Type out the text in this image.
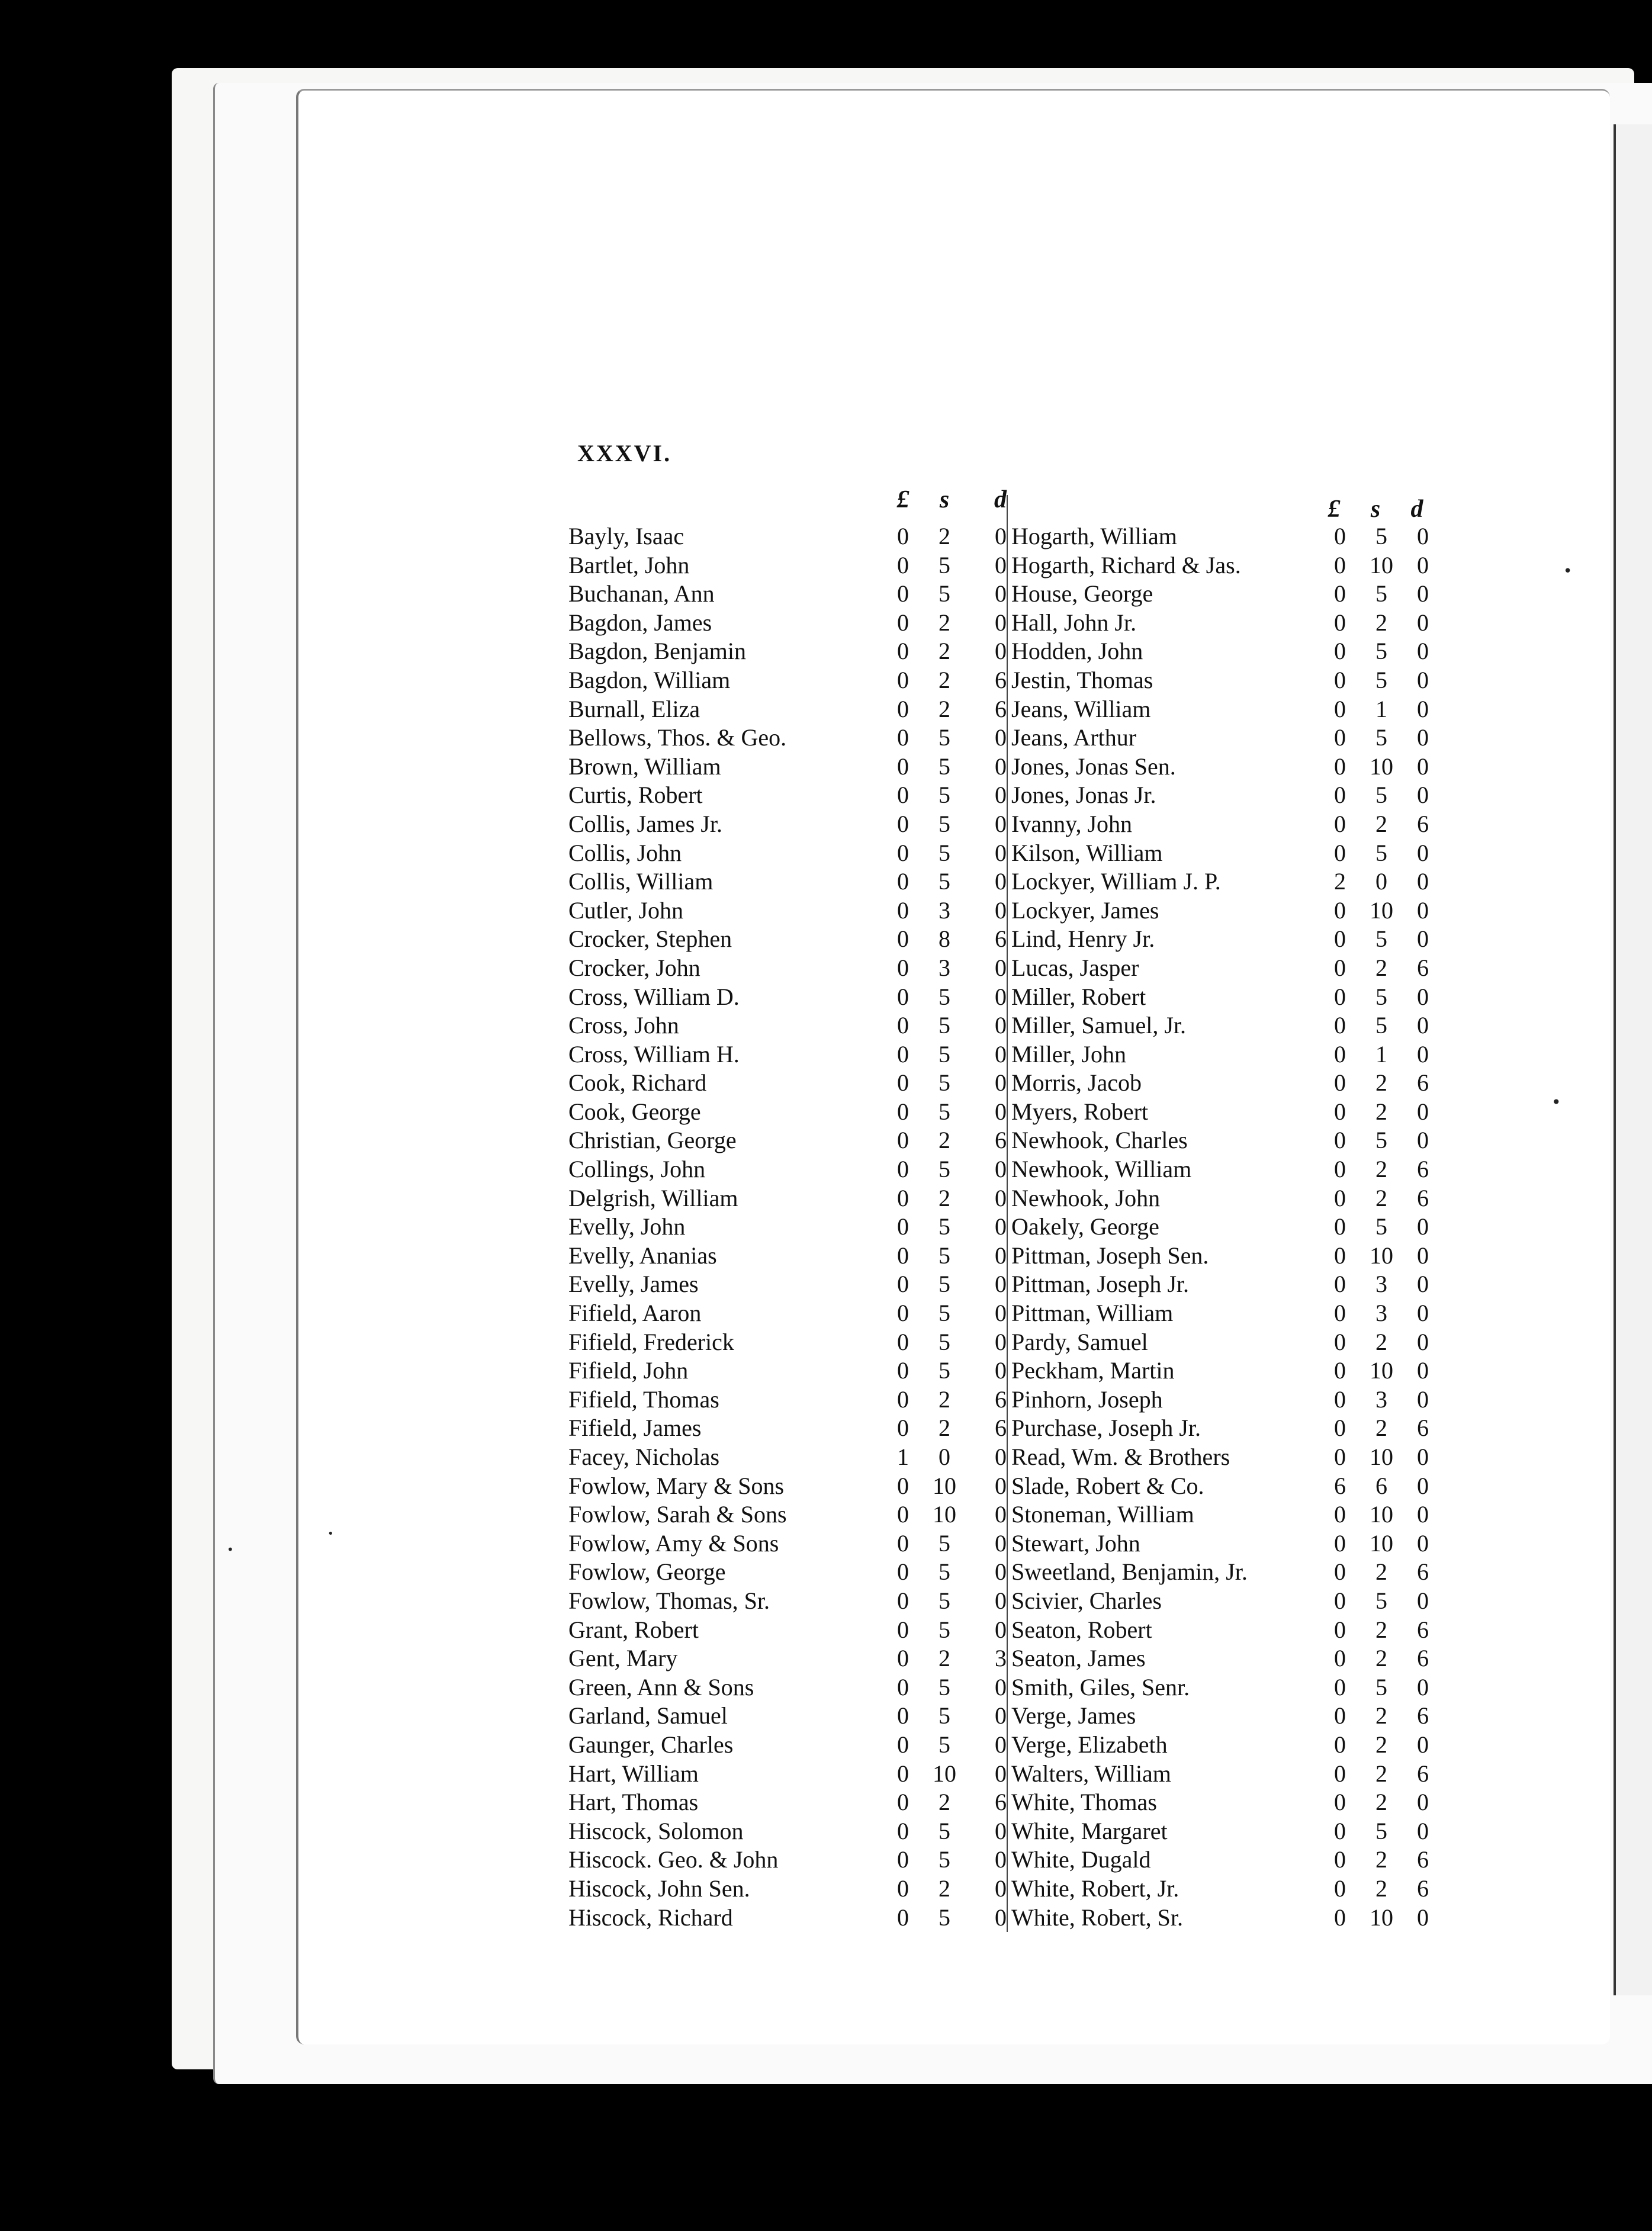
XXXVI.
£	s	d
Bayly, Isaac	0	2	0
Bartlet, John	0	5	0
Buchanan, Ann	0	5	0
Bagdon, James	0	2	0
Bagdon, Benjamin	0	2	0
Bagdon, William	0	2	6
Burnall, Eliza	0	2	6
Bellows, Thos. & Geo.	0	5	0
Brown, William	0	5	0
Curtis, Robert	0	5	0
Collis, James Jr.	0	5	0
Collis, John	0	5	0
Collis, William	0	5	0
Cutler, John	0	3	0
Crocker, Stephen	0	8	6
Crocker, John	0	3	0
Cross, William D.	0	5	0
Cross, John	0	5	0
Cross, William H.	0	5	0
Cook, Richard	0	5	0
Cook, George	0	5	0
Christian, George	0	2	6
Collings, John	0	5	0
Delgrish, William	0	2	0
Evelly, John	0	5	0
Evelly, Ananias	0	5	0
Evelly, James	0	5	0
Fifield, Aaron	0	5	0
Fifield, Frederick	0	5	0
Fifield, John	0	5	0
Fifield, Thomas	0	2	6
Fifield, James	0	2	6
Facey, Nicholas	1	0	0
Fowlow, Mary & Sons	0	10	0
Fowlow, Sarah & Sons	0	10	0
Fowlow, Amy & Sons	0	5	0
Fowlow, George	0	5	0
Fowlow, Thomas, Sr.	0	5	0
Grant, Robert	0	5	0
Gent, Mary	0	2	3
Green, Ann & Sons	0	5	0
Garland, Samuel	0	5	0
Gaunger, Charles	0	5	0
Hart, William	0	10	0
Hart, Thomas	0	2	6
Hiscock, Solomon	0	5	0
Hiscock. Geo. & John	0	5	0
Hiscock, John Sen.	0	2	0
Hiscock, Richard	0	5	0
£	s	d
Hogarth, William	0	5	0
Hogarth, Richard & Jas.	0	10	0
House, George	0	5	0
Hall, John Jr.	0	2	0
Hodden, John	0	5	0
Jestin, Thomas	0	5	0
Jeans, William	0	1	0
Jeans, Arthur	0	5	0
Jones, Jonas Sen.	0	10	0
Jones, Jonas Jr.	0	5	0
Ivanny, John	0	2	6
Kilson, William	0	5	0
Lockyer, William J. P.	2	0	0
Lockyer, James	0	10	0
Lind, Henry Jr.	0	5	0
Lucas, Jasper	0	2	6
Miller, Robert	0	5	0
Miller, Samuel, Jr.	0	5	0
Miller, John	0	1	0
Morris, Jacob	0	2	6
Myers, Robert	0	2	0
Newhook, Charles	0	5	0
Newhook, William	0	2	6
Newhook, John	0	2	6
Oakely, George	0	5	0
Pittman, Joseph Sen.	0	10	0
Pittman, Joseph Jr.	0	3	0
Pittman, William	0	3	0
Pardy, Samuel	0	2	0
Peckham, Martin	0	10	0
Pinhorn, Joseph	0	3	0
Purchase, Joseph Jr.	0	2	6
Read, Wm. & Brothers	0	10	0
Slade, Robert & Co.	6	6	0
Stoneman, William	0	10	0
Stewart, John	0	10	0
Sweetland, Benjamin, Jr.	0	2	6
Scivier, Charles	0	5	0
Seaton, Robert	0	2	6
Seaton, James	0	2	6
Smith, Giles, Senr.	0	5	0
Verge, James	0	2	6
Verge, Elizabeth	0	2	0
Walters, William	0	2	6
White, Thomas	0	2	0
White, Margaret	0	5	0
White, Dugald	0	2	6
White, Robert, Jr.	0	2	6
White, Robert, Sr.	0	10	0
•
•
•
•
